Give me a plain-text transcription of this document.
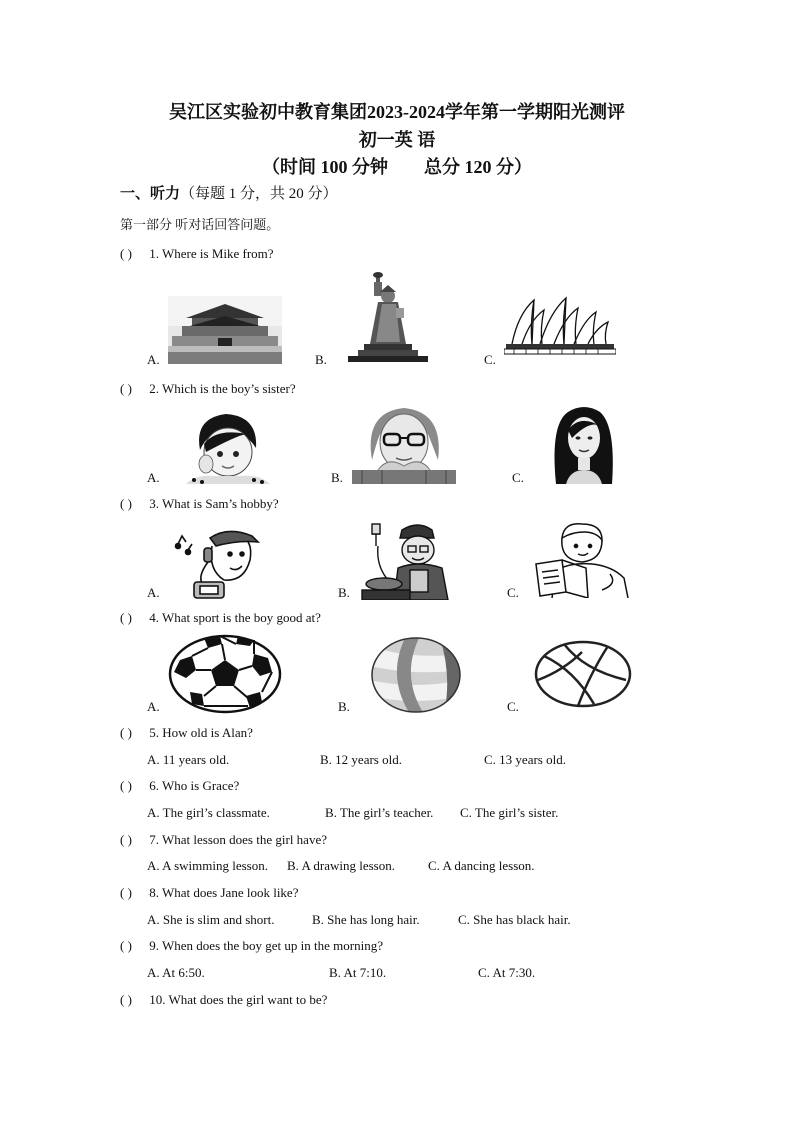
吴江区实验初中教育集团2023-2024学年第一学期阳光测评
初一英 语
（时间 100 分钟 总分 120 分）
一、听力（每题 1 分，共 20 分）
第一部分 听对话回答问题。
( ) 1. Where is Mike from?
A.	B.	C.
( ) 2. Which is the boy’s sister?
A.	B.	C.
( ) 3. What is Sam’s hobby?
A.	B.	C.
( ) 4. What sport is the boy good at?
A.	B.	C.
( ) 5. How old is Alan?
A. 11 years old.	B. 12 years old.	C. 13 years old.
( ) 6. Who is Grace?
A. The girl’s classmate.	B. The girl’s teacher. C. The girl’s sister.
( ) 7. What lesson does the girl have?
A. A swimming lesson. B. A drawing lesson.	C. A dancing lesson.
( ) 8. What does Jane look like?
A. She is slim and short.	B. She has long hair.	C. She has black hair.
( ) 9. When does the boy get up in the morning?
A. At 6:50.	B. At 7:10.	C. At 7:30.
( ) 10. What does the girl want to be?
